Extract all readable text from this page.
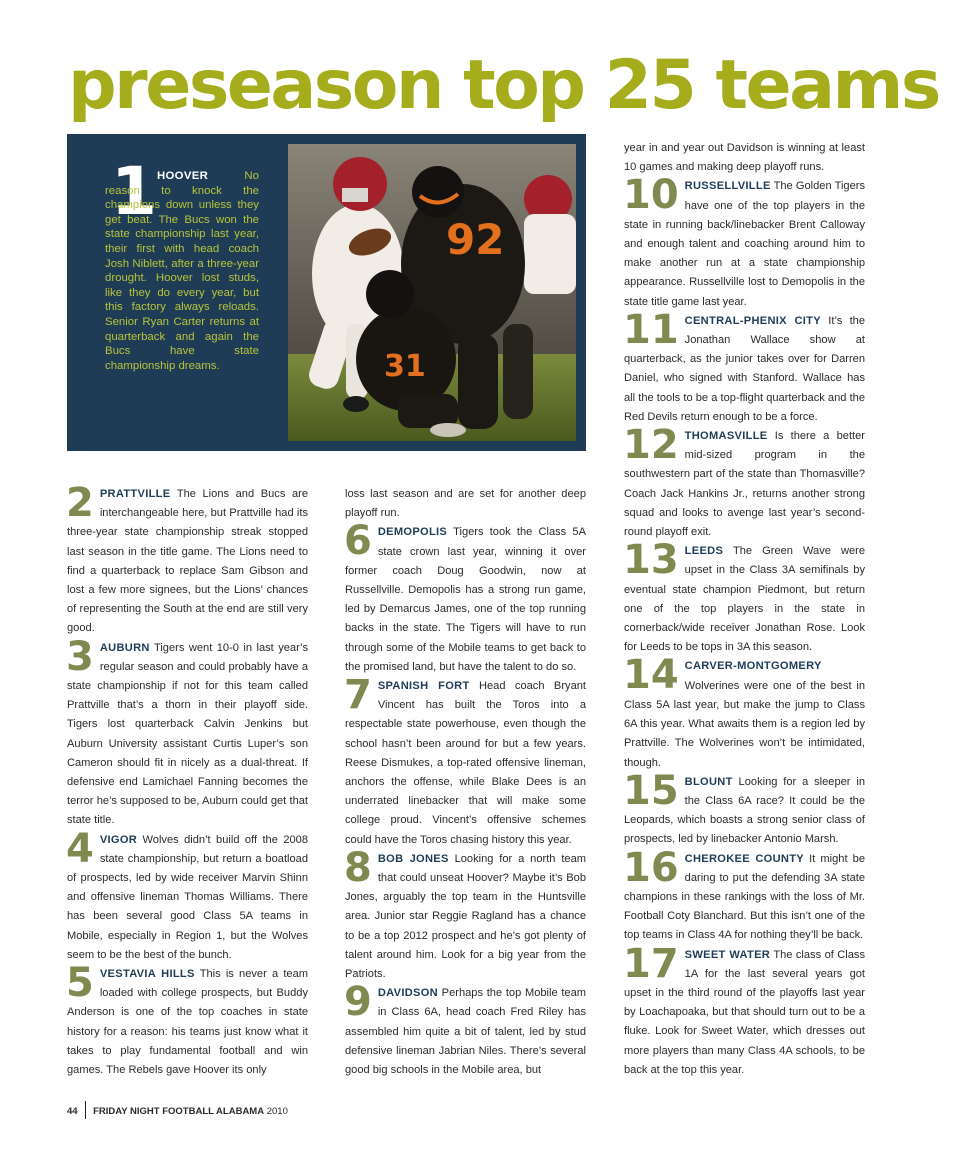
preseason top 25 teams
1 HOOVER No reason to knock the champions down unless they get beat. The Bucs won the state championship last year, their first with head coach Josh Niblett, after a three-year drought. Hoover lost studs, like they do every year, but this factory always reloads. Senior Ryan Carter returns at quarterback and again the Bucs have state championship dreams.
92
31

2 PRATTVILLE The Lions and Bucs are interchangeable here, but Prattville had its three-year state championship streak stopped last season in the title game. The Lions need to find a quarterback to replace Sam Gibson and lost a few more signees, but the Lions’ chances of representing the South at the end are still very good.

3 AUBURN Tigers went 10-0 in last year’s regular season and could probably have a state championship if not for this team called Prattville that’s a thorn in their playoff side. Tigers lost quarterback Calvin Jenkins but Auburn University assistant Curtis Luper’s son Cameron should fit in nicely as a dual-threat. If defensive end Lamichael Fanning becomes the terror he’s supposed to be, Auburn could get that state title.

4 VIGOR Wolves didn’t build off the 2008 state championship, but return a boatload of prospects, led by wide receiver Marvin Shinn and offensive lineman Thomas Williams. There has been several good Class 5A teams in Mobile, especially in Region 1, but the Wolves seem to be the best of the bunch.

5 VESTAVIA HILLS This is never a team loaded with college prospects, but Buddy Anderson is one of the top coaches in state history for a reason: his teams just know what it takes to play fundamental football and win games. The Rebels gave Hoover its only

loss last season and are set for another deep playoff run.

6 DEMOPOLIS Tigers took the Class 5A state crown last year, winning it over former coach Doug Goodwin, now at Russellville. Demopolis has a strong run game, led by Demarcus James, one of the top running backs in the state. The Tigers will have to run through some of the Mobile teams to get back to the promised land, but have the talent to do so.

7 SPANISH FORT Head coach Bryant Vincent has built the Toros into a respectable state powerhouse, even though the school hasn’t been around for but a few years. Reese Dismukes, a top-rated offensive lineman, anchors the offense, while Blake Dees is an underrated linebacker that will make some college proud. Vincent’s offensive schemes could have the Toros chasing history this year.

8 BOB JONES Looking for a north team that could unseat Hoover? Maybe it’s Bob Jones, arguably the top team in the Huntsville area. Junior star Reggie Ragland has a chance to be a top 2012 prospect and he’s got plenty of talent around him. Look for a big year from the Patriots.

9 DAVIDSON Perhaps the top Mobile team in Class 6A, head coach Fred Riley has assembled him quite a bit of talent, led by stud defensive lineman Jabrian Niles. There’s several good big schools in the Mobile area, but

year in and year out Davidson is winning at least 10 games and making deep playoff runs.

10 RUSSELLVILLE The Golden Tigers have one of the top players in the state in running back/linebacker Brent Calloway and enough talent and coaching around him to make another run at a state championship appearance. Russellville lost to Demopolis in the state title game last year.

11 CENTRAL-PHENIX CITY It’s the Jonathan Wallace show at quarterback, as the junior takes over for Darren Daniel, who signed with Stanford. Wallace has all the tools to be a top-flight quarterback and the Red Devils return enough to be a force.

12 THOMASVILLE Is there a better mid-sized program in the southwestern part of the state than Thomasville? Coach Jack Hankins Jr., returns another strong squad and looks to avenge last year’s second-round playoff exit.

13 LEEDS The Green Wave were upset in the Class 3A semifinals by eventual state champion Piedmont, but return one of the top players in the state in cornerback/wide receiver Jonathan Rose. Look for Leeds to be tops in 3A this season.

14 CARVER-MONTGOMERY Wolverines were one of the best in Class 5A last year, but make the jump to Class 6A this year. What awaits them is a region led by Prattville. The Wolverines won’t be intimidated, though.

15 BLOUNT Looking for a sleeper in the Class 6A race? It could be the Leopards, which boasts a strong senior class of prospects, led by linebacker Antonio Marsh.

16 CHEROKEE COUNTY It might be daring to put the defending 3A state champions in these rankings with the loss of Mr. Football Coty Blanchard. But this isn’t one of the top teams in Class 4A for nothing they’ll be back.

17 SWEET WATER The class of Class 1A for the last several years got upset in the third round of the playoffs last year by Loachapoaka, but that should turn out to be a fluke. Look for Sweet Water, which dresses out more players than many Class 4A schools, to be back at the top this year.

44 FRIDAY NIGHT FOOTBALL ALABAMA 2010
